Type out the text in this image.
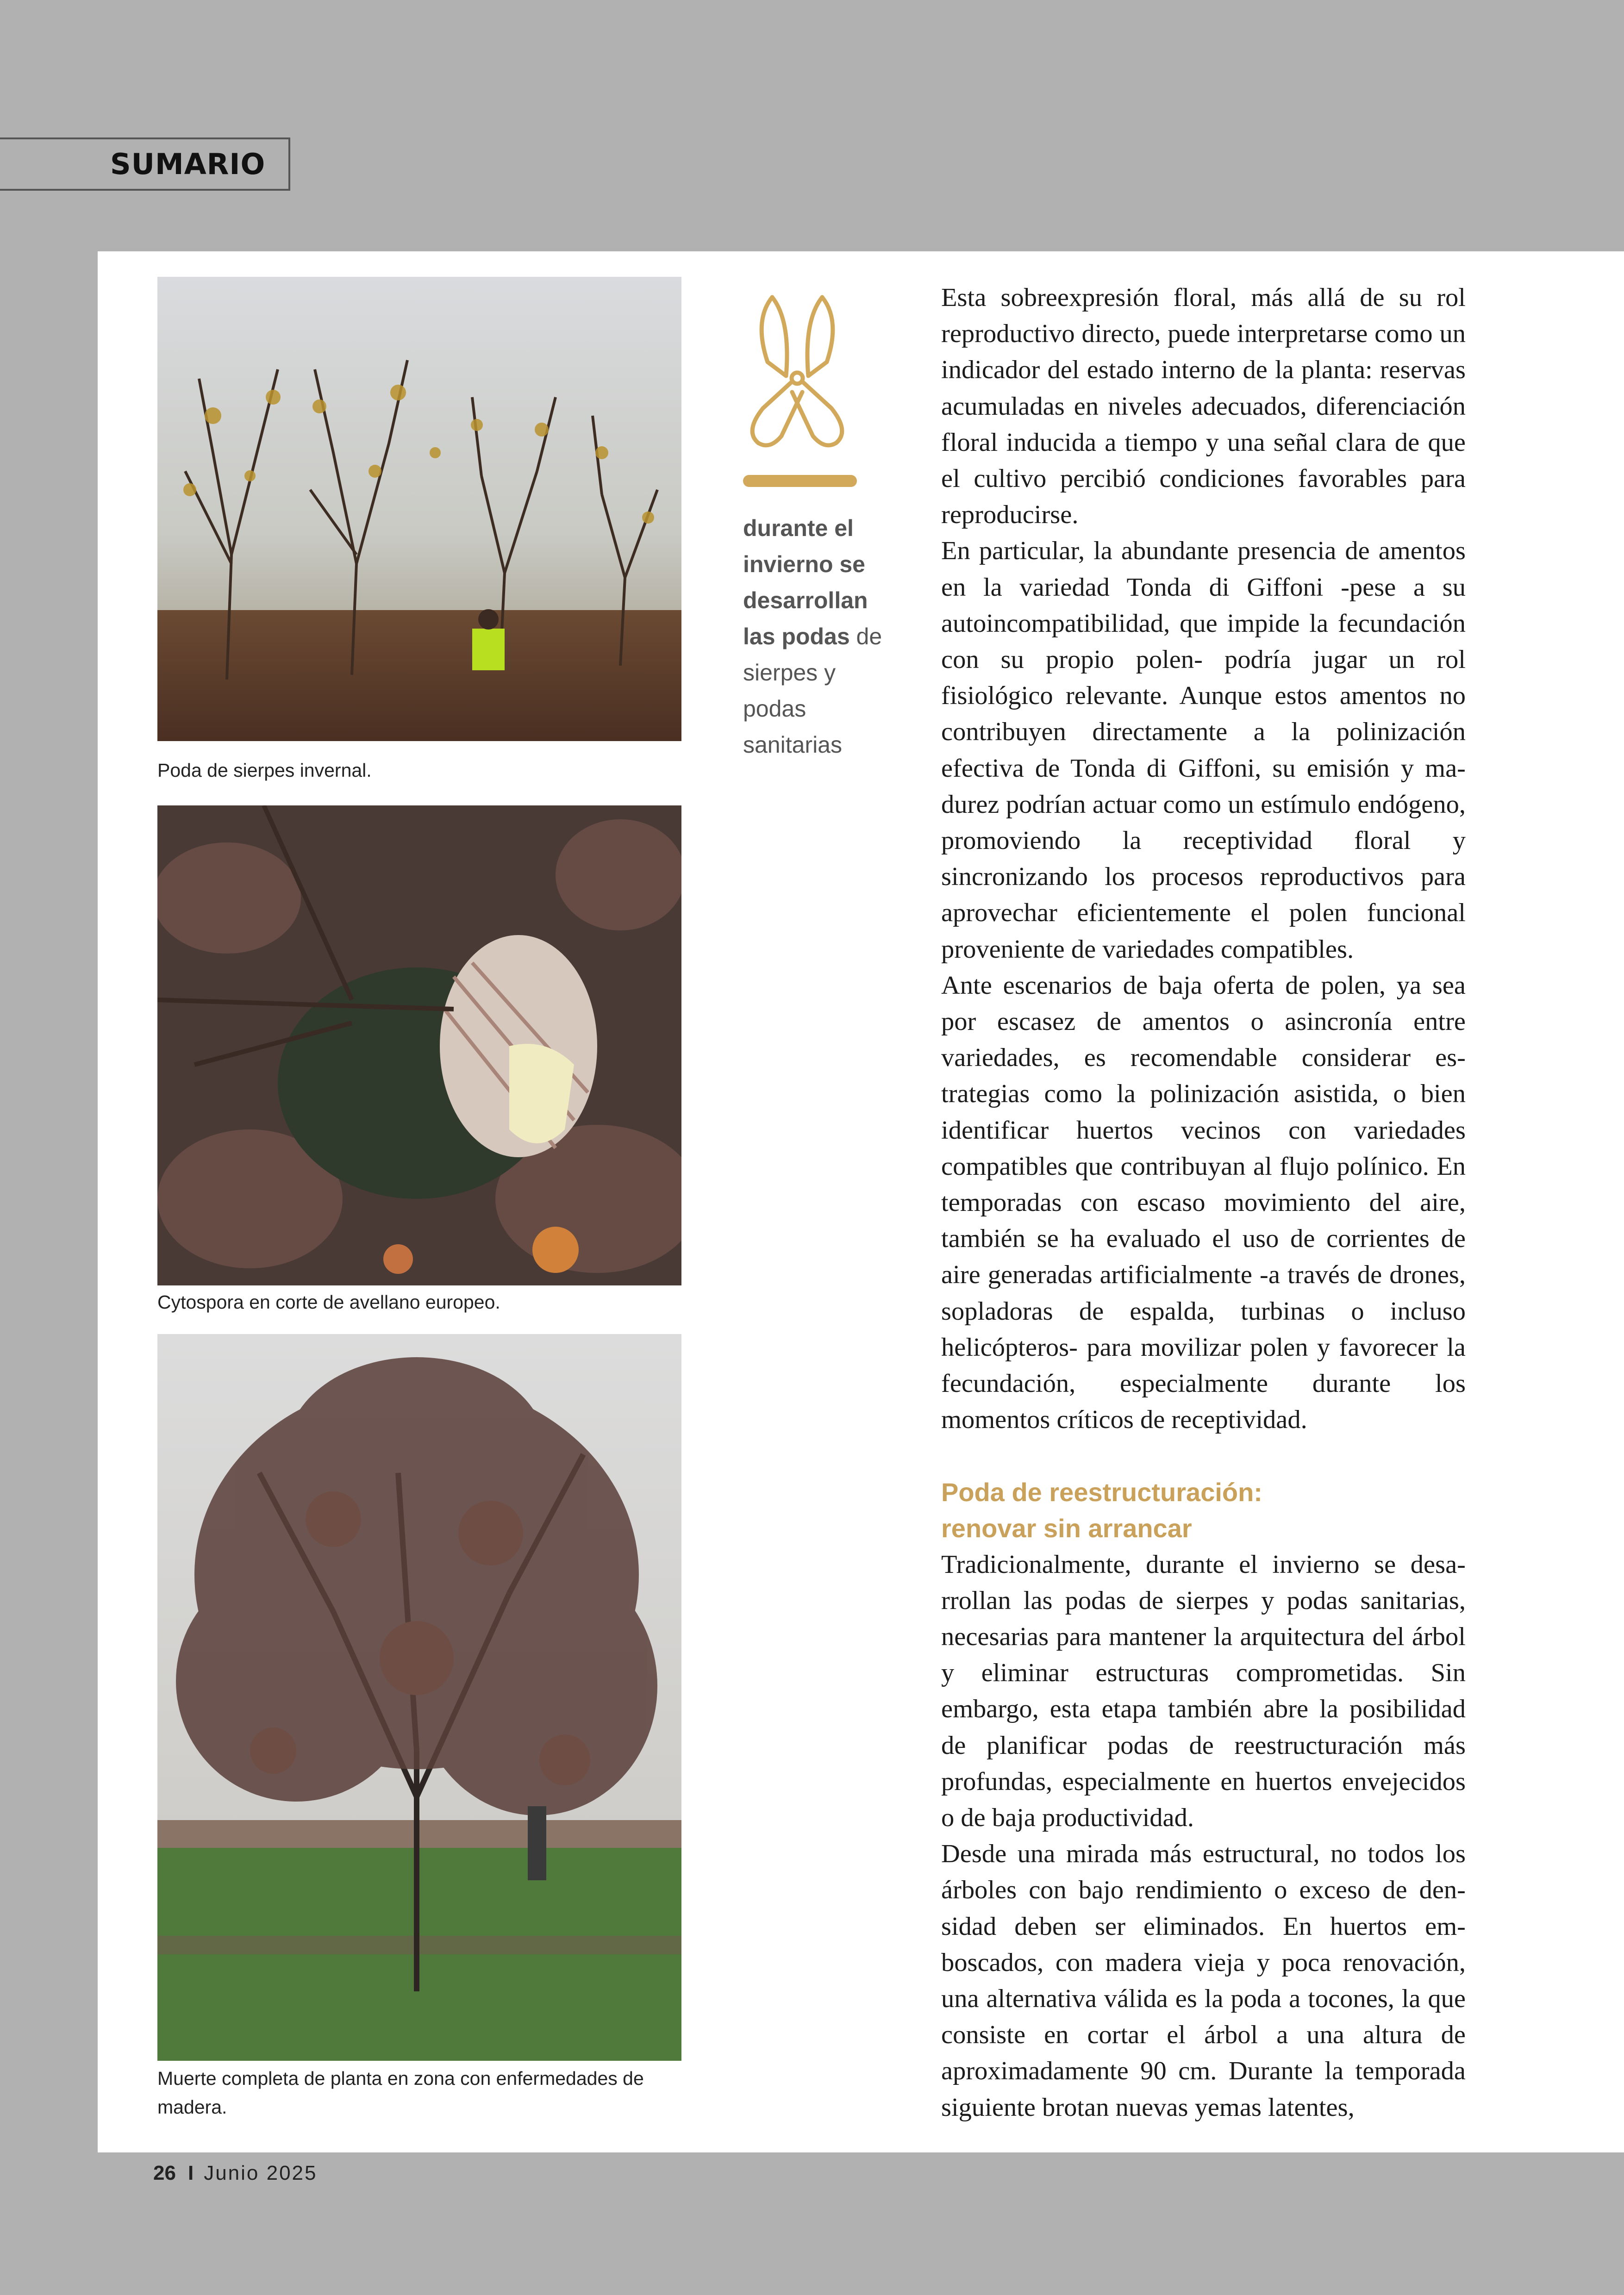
SUMARIO
Poda de sierpes invernal.
Cytospora en corte de avellano europeo.
Muerte completa de planta en zona con enfermedades de madera.
durante el invierno se desarrollan las podas de sierpes y podas sanitarias

Esta sobreexpresión floral, más allá de su rol reproductivo directo, puede interpretarse como un indicador del estado interno de la planta: reservas acumuladas en niveles adecuados, diferenciación floral inducida a tiempo y una señal clara de que el cultivo percibió condiciones favorables para reproducirse.

En particular, la abundante presencia de amentos en la variedad Tonda di Giffoni -pese a su autoincompatibilidad, que impide la fecundación con su propio polen- podría jugar un rol fisiológico relevante. Aunque estos amentos no contribuyen directamente a la polinización efectiva de Tonda di Giffoni, su emisión y madurez podrían actuar como un estímulo endógeno, promoviendo la receptividad floral y sincronizando los procesos reproductivos para aprovechar eficientemente el polen funcional proveniente de variedades compatibles.

Ante escenarios de baja oferta de polen, ya sea por escasez de amentos o asincronía entre variedades, es recomendable considerar estrategias como la polinización asistida, o bien identificar huertos vecinos con variedades compatibles que contribuyan al flujo polínico. En temporadas con escaso movimiento del aire, también se ha evaluado el uso de corrientes de aire generadas artificialmente -a través de drones, sopladoras de espalda, turbinas o incluso helicópteros- para movilizar polen y favorecer la fecundación, especialmente durante los momentos críticos de receptividad.

Poda de reestructuración:
renovar sin arrancar

Tradicionalmente, durante el invierno se desarrollan las podas de sierpes y podas sanitarias, necesarias para mantener la arquitectura del árbol y eliminar estructuras comprometidas. Sin embargo, esta etapa también abre la posibilidad de planificar podas de reestructuración más profundas, especialmente en huertos envejecidos o de baja productividad.

Desde una mirada más estructural, no todos los árboles con bajo rendimiento o exceso de densidad deben ser eliminados. En huertos emboscados, con madera vieja y poca renovación, una alternativa válida es la poda a tocones, la que consiste en cortar el árbol a una altura de aproximadamente 90 cm. Durante la temporada siguiente brotan nuevas yemas latentes,

26 I Junio 2025
